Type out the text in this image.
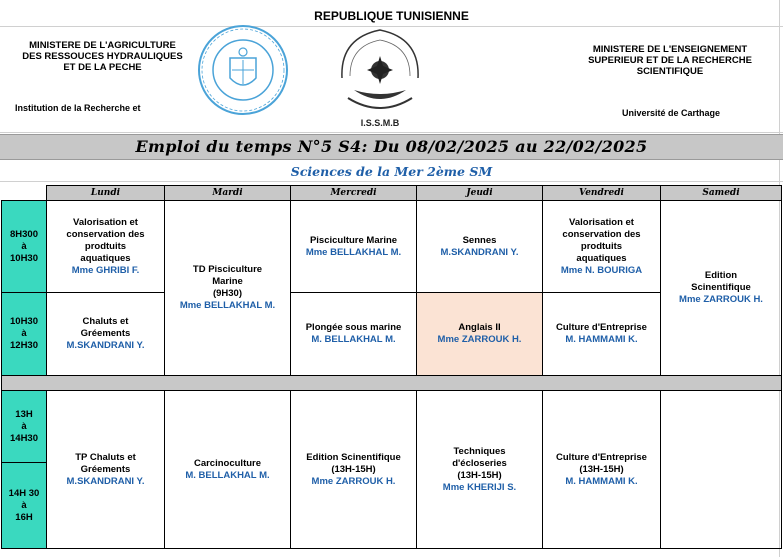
REPUBLIQUE TUNISIENNE
MINISTERE DE L'AGRICULTURE
DES RESSOUCES HYDRAULIQUES
ET DE LA PECHE
Institution de la Recherche et
I.S.S.M.B
MINISTERE DE L'ENSEIGNEMENT
SUPERIEUR ET DE LA RECHERCHE
SCIENTIFIQUE
Université de Carthage
Emploi du temps N°5 S4: Du 08/02/2025 au 22/02/2025
Sciences de la Mer 2ème SM
	Lundi	Mardi	Mercredi	Jeudi	Vendredi	Samedi

8H300
à
10H30	Valorisation et
conservation des
prodtuits
aquatiques
Mme GHRIBI F.	TD Pisciculture
Marine
(9H30)
Mme BELLAKHAL M.	Pisciculture Marine
Mme BELLAKHAL M.	Sennes
M.SKANDRANI Y.	Valorisation et
conservation des
prodtuits
aquatiques
Mme N. BOURIGA	Edition
Scinentifique
Mme ZARROUK H.

10H30
à
12H30	Chaluts et
Gréements
M.SKANDRANI Y.		Plongée sous marine
M. BELLAKHAL M.	Anglais II
Mme ZARROUK H.	Culture d'Entreprise
M. HAMMAMI K.	

13H
à
14H30	TP Chaluts et
Gréements
M.SKANDRANI Y.	Carcinoculture
M. BELLAKHAL M.	Edition Scinentifique
(13H-15H)
Mme ZARROUK H.	Techniques
d'écloseries
(13H-15H)
Mme KHERIJI S.	Culture d'Entreprise
(13H-15H)
M. HAMMAMI K.	

14H 30
à
16H						
